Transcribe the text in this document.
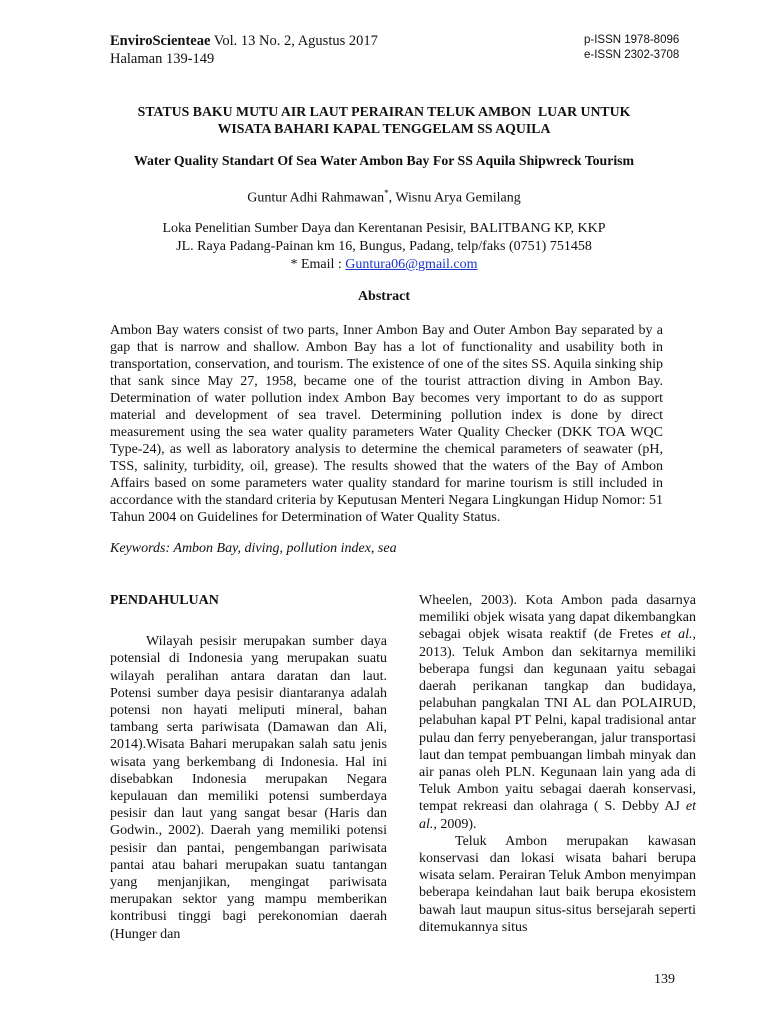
EnviroScienteae Vol. 13 No. 2, Agustus 2017
Halaman 139-149
p-ISSN 1978-8096
e-ISSN 2302-3708
STATUS BAKU MUTU AIR LAUT PERAIRAN TELUK AMBON  LUAR UNTUK
WISATA BAHARI KAPAL TENGGELAM SS AQUILA
Water Quality Standart Of Sea Water Ambon Bay For SS Aquila Shipwreck Tourism
Guntur Adhi Rahmawan*, Wisnu Arya Gemilang
Loka Penelitian Sumber Daya dan Kerentanan Pesisir, BALITBANG KP, KKP
JL. Raya Padang-Painan km 16, Bungus, Padang, telp/faks (0751) 751458
* Email : Guntura06@gmail.com
Abstract
Ambon Bay waters consist of two parts, Inner Ambon Bay and Outer Ambon Bay separated by a gap that is narrow and shallow. Ambon Bay has a lot of functionality and usability both in transportation, conservation, and tourism. The existence of one of the sites SS. Aquila sinking ship that sank since May 27, 1958, became one of the tourist attraction diving in Ambon Bay. Determination of water pollution index Ambon Bay becomes very important to do as support material and development of sea travel. Determining pollution index is done by direct measurement using the sea water quality parameters Water Quality Checker (DKK TOA WQC Type-24), as well as laboratory analysis to determine the chemical parameters of seawater (pH, TSS, salinity, turbidity, oil, grease). The results showed that the waters of the Bay of Ambon Affairs based on some parameters water quality standard for marine tourism is still included in accordance with the standard criteria by Keputusan Menteri Negara Lingkungan Hidup Nomor: 51 Tahun 2004 on Guidelines for Determination of Water Quality Status.
Keywords: Ambon Bay, diving, pollution index, sea
PENDAHULUAN

Wilayah pesisir merupakan sumber daya potensial di Indonesia yang merupakan suatu wilayah peralihan antara daratan dan laut. Potensi sumber daya pesisir diantaranya adalah potensi non hayati meliputi mineral, bahan tambang serta pariwisata (Damawan dan Ali, 2014).Wisata Bahari merupakan salah satu jenis wisata yang berkembang di Indonesia. Hal ini disebabkan Indonesia merupakan Negara kepulauan dan memiliki potensi sumberdaya pesisir dan laut yang sangat besar (Haris dan Godwin., 2002). Daerah yang memiliki potensi pesisir dan pantai, pengembangan pariwisata pantai atau bahari merupakan suatu tantangan yang menjanjikan, mengingat pariwisata merupakan sektor yang mampu memberikan kontribusi tinggi bagi perekonomian daerah (Hunger dan

Wheelen, 2003). Kota Ambon pada dasarnya memiliki objek wisata yang dapat dikembangkan sebagai objek wisata reaktif (de Fretes et al., 2013). Teluk Ambon dan sekitarnya memiliki beberapa fungsi dan kegunaan yaitu sebagai daerah perikanan tangkap dan budidaya, pelabuhan pangkalan TNI AL dan POLAIRUD, pelabuhan kapal PT Pelni, kapal tradisional antar pulau dan ferry penyeberangan, jalur transportasi laut dan tempat pembuangan limbah minyak dan air panas oleh PLN. Kegunaan lain yang ada di Teluk Ambon yaitu sebagai daerah konservasi, tempat rekreasi dan olahraga ( S. Debby AJ et al., 2009).

Teluk Ambon merupakan kawasan konservasi dan lokasi wisata bahari berupa wisata selam. Perairan Teluk Ambon menyimpan beberapa keindahan laut baik berupa ekosistem bawah laut maupun situs-situs bersejarah seperti ditemukannya situs

139
